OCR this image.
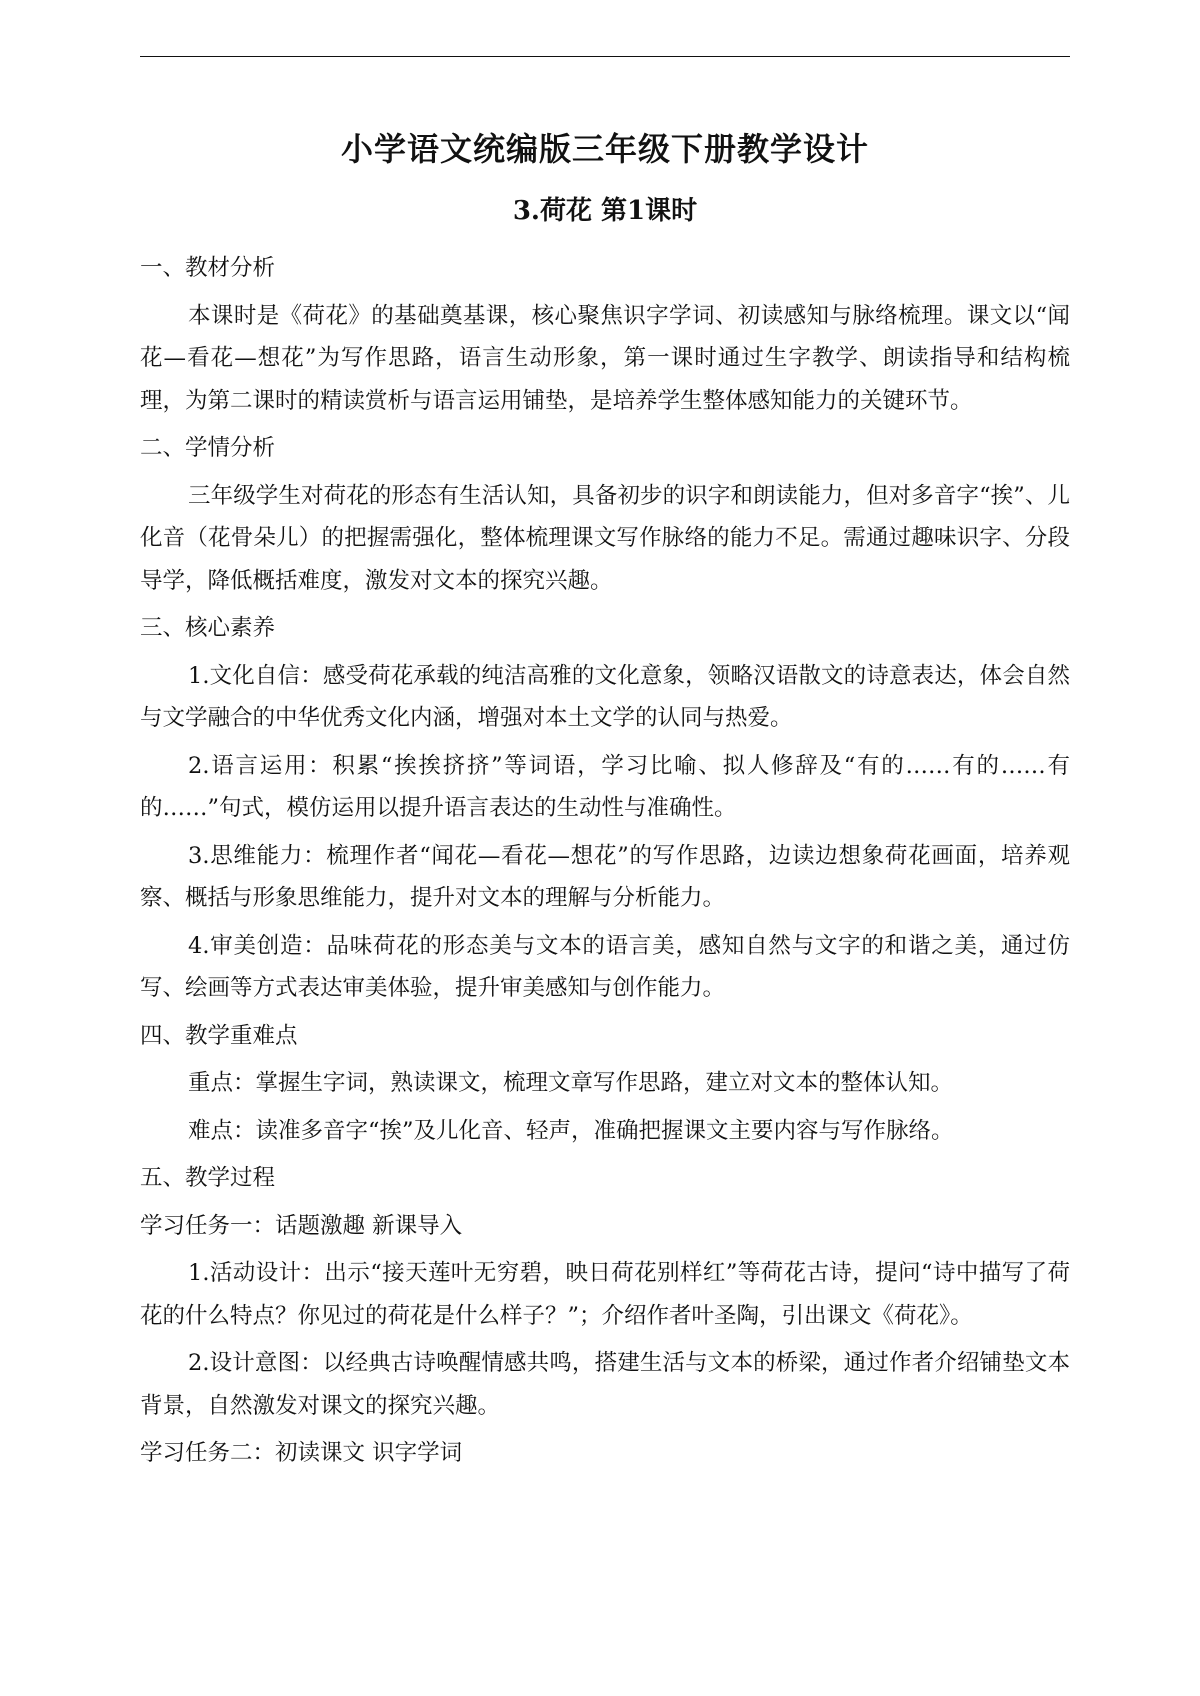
小学语文统编版三年级下册教学设计
3.荷花 第1课时

一、教材分析

本课时是《荷花》的基础奠基课，核心聚焦识字学词、初读感知与脉络梳理。课文以“闻花—看花—想花”为写作思路，语言生动形象，第一课时通过生字教学、朗读指导和结构梳理，为第二课时的精读赏析与语言运用铺垫，是培养学生整体感知能力的关键环节。

二、学情分析

三年级学生对荷花的形态有生活认知，具备初步的识字和朗读能力，但对多音字“挨”、儿化音（花骨朵儿）的把握需强化，整体梳理课文写作脉络的能力不足。需通过趣味识字、分段导学，降低概括难度，激发对文本的探究兴趣。

三、核心素养

1.文化自信：感受荷花承载的纯洁高雅的文化意象，领略汉语散文的诗意表达，体会自然与文学融合的中华优秀文化内涵，增强对本土文学的认同与热爱。

2.语言运用：积累“挨挨挤挤”等词语，学习比喻、拟人修辞及“有的……有的……有的……”句式，模仿运用以提升语言表达的生动性与准确性。

3.思维能力：梳理作者“闻花—看花—想花”的写作思路，边读边想象荷花画面，培养观察、概括与形象思维能力，提升对文本的理解与分析能力。

4.审美创造：品味荷花的形态美与文本的语言美，感知自然与文字的和谐之美，通过仿写、绘画等方式表达审美体验，提升审美感知与创作能力。

四、教学重难点

重点：掌握生字词，熟读课文，梳理文章写作思路，建立对文本的整体认知。

难点：读准多音字“挨”及儿化音、轻声，准确把握课文主要内容与写作脉络。

五、教学过程

学习任务一：话题激趣 新课导入

1.活动设计：出示“接天莲叶无穷碧，映日荷花别样红”等荷花古诗，提问“诗中描写了荷花的什么特点？你见过的荷花是什么样子？”；介绍作者叶圣陶，引出课文《荷花》。

2.设计意图：以经典古诗唤醒情感共鸣，搭建生活与文本的桥梁，通过作者介绍铺垫文本背景，自然激发对课文的探究兴趣。

学习任务二：初读课文 识字学词
